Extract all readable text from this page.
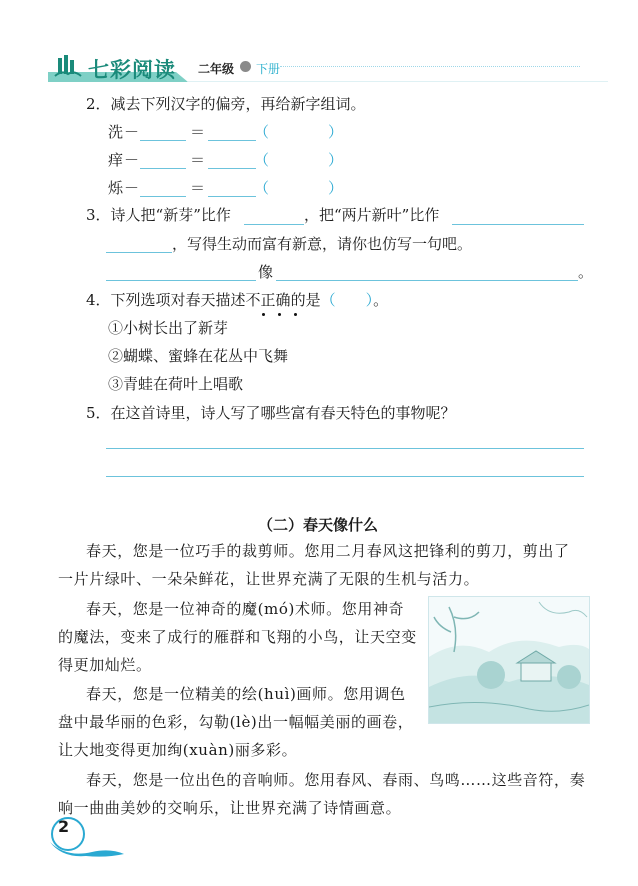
七彩阅读 二年级 下册
2．减去下列汉字的偏旁，再给新字组词。
洗 －	＝	（	）
痒 －	＝	（	）
烁 －	＝	（	）
3．诗人把“新芽”比作	，把“两片新叶”比作
，写得生动而富有新意，请你也仿写一句吧。
像	。
4．下列选项对春天描述不正确的是（　　）。
①小树长出了新芽
②蝴蝶、蜜蜂在花丛中飞舞
③青蛙在荷叶上唱歌
5．在这首诗里，诗人写了哪些富有春天特色的事物呢？
（二）春天像什么
春天，您是一位巧手的裁剪师。您用二月春风这把锋利的剪刀，剪出了
一片片绿叶、一朵朵鲜花，让世界充满了无限的生机与活力。
春天，您是一位神奇的魔(mó)术师。您用神奇
的魔法，变来了成行的雁群和飞翔的小鸟，让天空变
得更加灿烂。
春天，您是一位精美的绘(huì)画师。您用调色
盘中最华丽的色彩，勾勒(lè)出一幅幅美丽的画卷，
让大地变得更加绚(xuàn)丽多彩。
春天，您是一位出色的音响师。您用春风、春雨、鸟鸣……这些音符，奏
响一曲曲美妙的交响乐，让世界充满了诗情画意。
2
